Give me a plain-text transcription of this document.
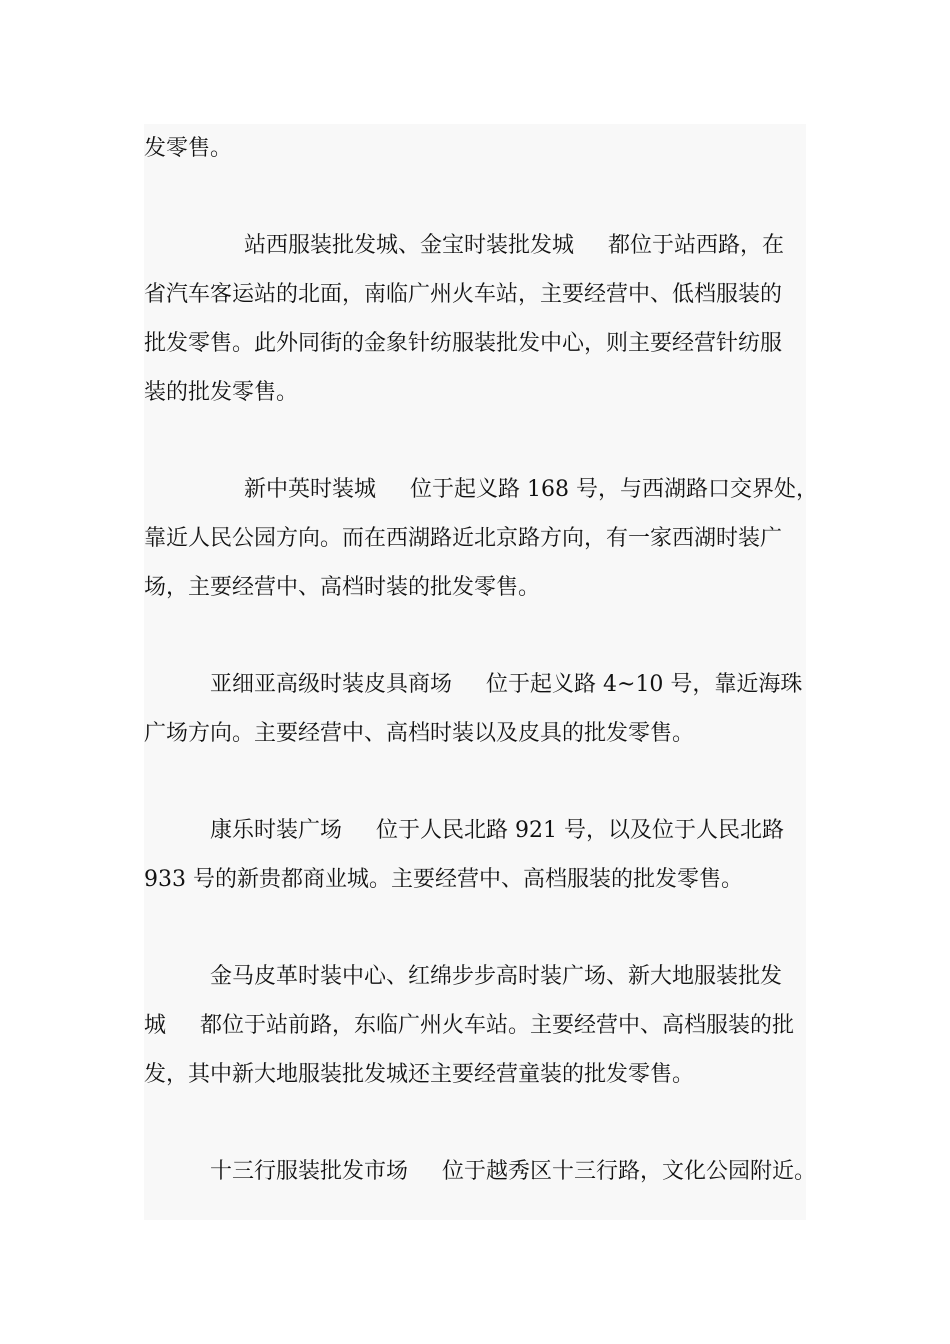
发零售。
站西服装批发城、金宝时装批发城 都位于站西路，在
省汽车客运站的北面，南临广州火车站，主要经营中、低档服装的
批发零售。此外同街的金象针纺服装批发中心，则主要经营针纺服
装的批发零售。
新中英时装城 位于起义路 168 号，与西湖路口交界处，
靠近人民公园方向。而在西湖路近北京路方向，有一家西湖时装广
场，主要经营中、高档时装的批发零售。
亚细亚高级时装皮具商场 位于起义路 4~10 号，靠近海珠
广场方向。主要经营中、高档时装以及皮具的批发零售。
康乐时装广场 位于人民北路 921 号，以及位于人民北路
933 号的新贵都商业城。主要经营中、高档服装的批发零售。
金马皮革时装中心、红绵步步高时装广场、新大地服装批发
城 都位于站前路，东临广州火车站。主要经营中、高档服装的批
发，其中新大地服装批发城还主要经营童装的批发零售。
十三行服装批发市场 位于越秀区十三行路，文化公园附近。
